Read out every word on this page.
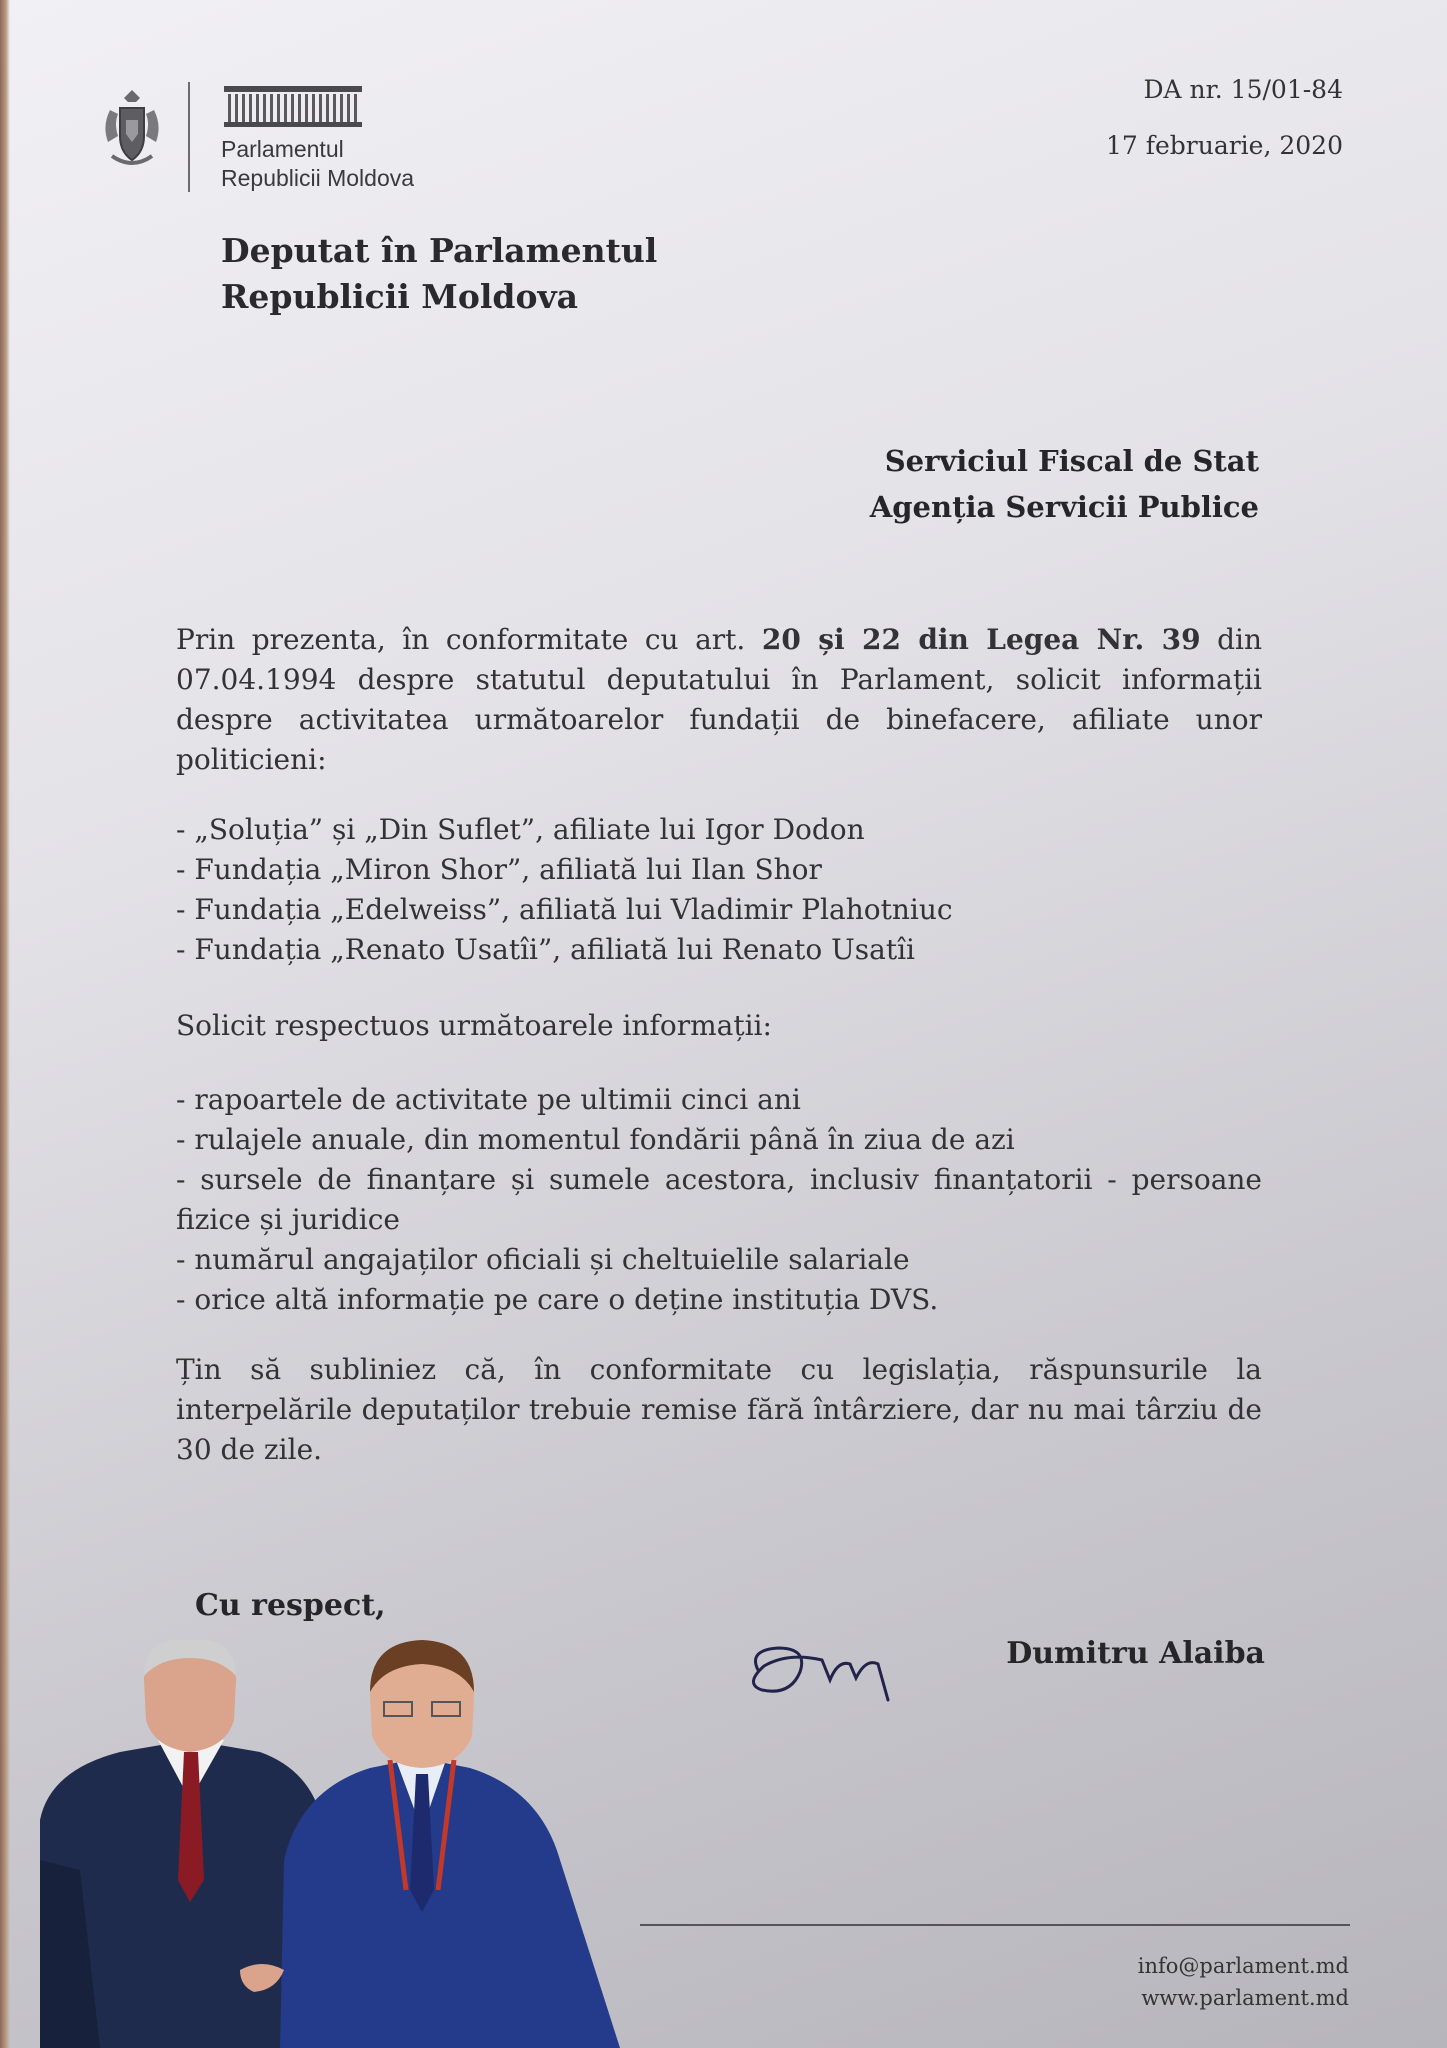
Parlamentul
Republicii Moldova
Deputat în Parlamentul
Republicii Moldova
DA nr. 15/01-84
17 februarie, 2020
Serviciul Fiscal de Stat
Agenția Servicii Publice
Prin prezenta, în conformitate cu art. 20 și 22 din Legea Nr. 39 din 07.04.1994 despre statutul deputatului în Parlament, solicit informații despre activitatea următoarelor fundații de binefacere, afiliate unor politicieni:

- „Soluția” și „Din Suflet”, afiliate lui Igor Dodon

- Fundația „Miron Shor”, afiliată lui Ilan Shor

- Fundația „Edelweiss”, afiliată lui Vladimir Plahotniuc

- Fundația „Renato Usatîi”, afiliată lui Renato Usatîi

Solicit respectuos următoarele informații:

- rapoartele de activitate pe ultimii cinci ani

- rulajele anuale, din momentul fondării până în ziua de azi

- sursele de finanțare și sumele acestora, inclusiv finanțatorii - persoane fizice și juridice

- numărul angajaților oficiali și cheltuielile salariale

- orice altă informație pe care o deține instituția DVS.

Țin să subliniez că, în conformitate cu legislația, răspunsurile la interpelările deputaților trebuie remise fără întârziere, dar nu mai târziu de 30 de zile.
Cu respect,
Dumitru Alaiba
info@parlament.md
www.parlament.md
